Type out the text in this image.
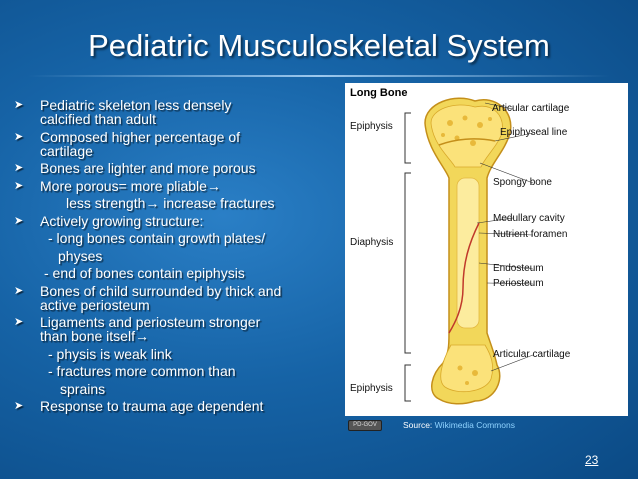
Pediatric Musculoskeletal System
➤ Pediatric skeleton less densely
calcified than adult
➤ Composed higher percentage of
cartilage
➤ Bones are lighter and more porous
➤ More porous= more pliable→
less strength→ increase fractures
➤ Actively growing structure:
- long bones contain growth plates/
physes
- end of bones contain epiphysis
➤ Bones of child surrounded by thick and
active periosteum
➤ Ligaments and periosteum stronger
than bone itself→
- physis is weak link
- fractures more common than
sprains
➤ Response to trauma age dependent
Long Bone
Articular cartilage
Epiphysis
Epiphyseal line
Spongy bone
Medullary cavity
Diaphysis
Nutrient foramen
Endosteum
Periosteum
Articular cartilage
Epiphysis
PD-GOV	Source: Wikimedia Commons
23
